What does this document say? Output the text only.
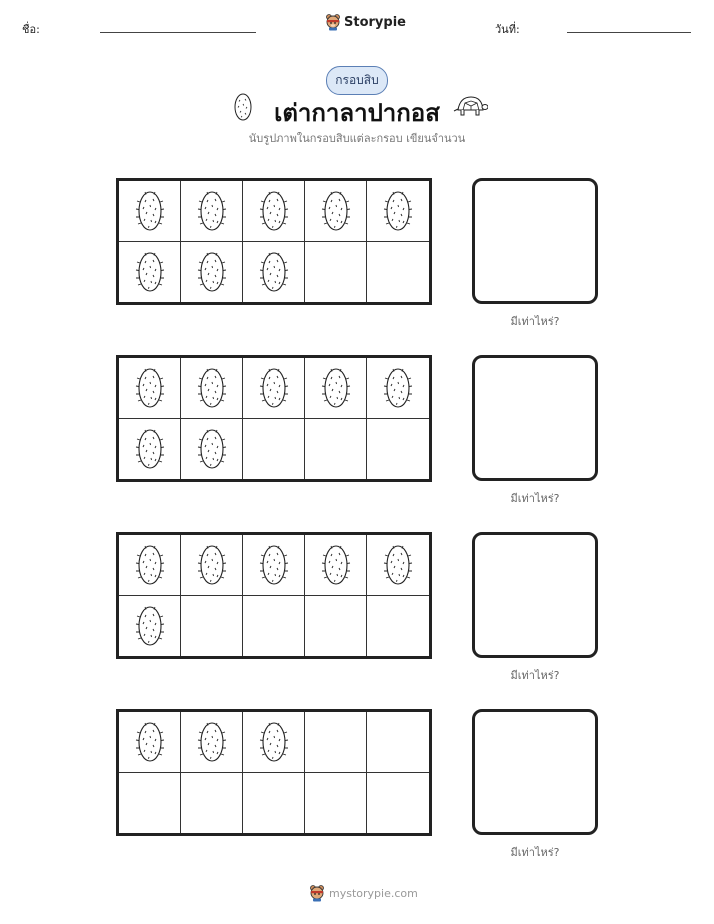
ชื่อ:	Storypie	วันที่:
กรอบสิบ
เต่ากาลาปากอส
นับรูปภาพในกรอบสิบแต่ละกรอบ เขียนจำนวน
มีเท่าไหร่?
มีเท่าไหร่?
มีเท่าไหร่?
มีเท่าไหร่?
mystorypie.com
